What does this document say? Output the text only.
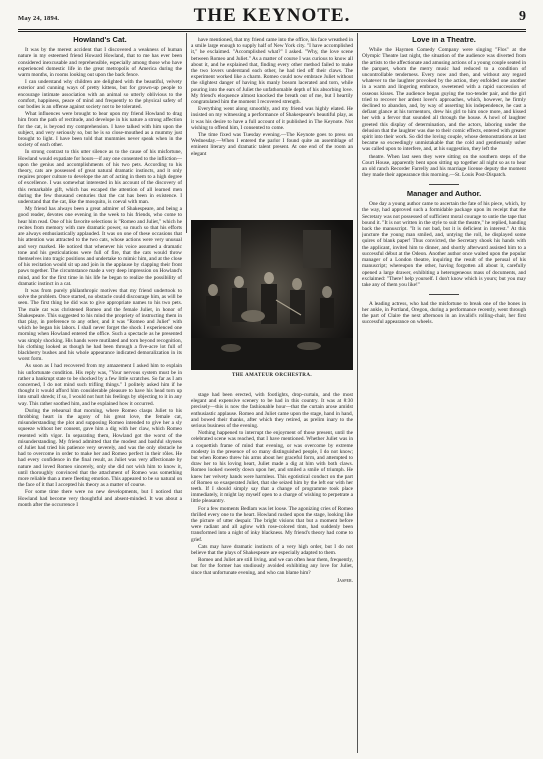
May 24, 1894.	THE KEYNOTE.	9
Howland's Cat.

It was by the merest accident that I discovered a weakness of human nature in my esteemed friend Howard Howland, that to me has ever been considered inexcusable and reprehensible, especially among those who have experienced domestic life in the great metropolis of America during the warm months, in rooms looking out upon the back fence.

I can understand why children are delighted with the beautiful, velvety exterior and cunning ways of pretty kittens, but for grown-up people to encourage intimate association with an animal so utterly oblivious to the comfort, happiness, peace of mind and frequently to the physical safety of our bodies is an offense against society not to be tolerated.

What influences were brought to bear upon my friend Howland to drag him from the path of rectitude, and develope in his nature a strong affection for the cat, is beyond my comprehension. I have talked with him upon the subject, and very seriously so, but he is so close-mouthed as a mummy just brought to light. I have been told that mummies never speak when in the society of each other.

In strong contrast to this utter silence as to the cause of his misfortune, Howland would expatiate for hours—if any one consented to the infliction—upon the genius and accomplishments of his two pets. According to his theory, cats are possessed of great natural dramatic instincts, and it only requires proper culture to develope the art of acting in them to a high degree of excellence. I was somewhat interested in his account of the discovery of this remarkable gift, which has escaped the attention of all learned men during the few thousand centuries that the cat has been in existence. I understand that the cat, like the mosquito, is coeval with man.

My friend has always been a great admirer of Shakespeare, and being a good reader, devotes one evening in the week to his friends, who come to hear him read. One of his favorite selections is "Romeo and Juliet," which he recites from memory with rare dramatic power, so much so that his efforts are always enthusiastically applauded. It was on one of these occasions that his attention was attracted to the two cats, whose actions were very unusual and very marked. He noticed that whenever his voice assumed a dramatic tone and his gesticulations were full of fire, that the cats would throw themselves into tragic positions and undertake to mimic him, and at the close of his recitation would sit up and join in the applause by clapping their front paws together. The circumstance made a very deep impression on Howland's mind, and for the first time in his life he began to realize the possibility of dramatic instinct in a cat.

It was from purely philanthropic motives that my friend undertook to solve the problem. Once started, no obstacle could discourage him, as will be seen. The first thing he did was to give appropriate names to his two pets. The male cat was christened Romeo and the female Juliet, in honor of Shakespeare. This suggested to his mind the propriety of instructing them in that play, in preference to any other, and it was "Romeo and Juliet" with which he began his labors. I shall never forget the shock I experienced one morning when Howland entered the office. Such a spectacle as he presented was simply shocking. His hands were mutilated and torn beyond recognition, his clothing looked as though he had been through a five-acre lot full of blackberry bushes and his whole appearance indicated demoralization in its worst form.

As soon as I had recovered from my amazement I asked him to explain his unfortunate condition. His reply was, "Your nervous system must be in rather a bankrupt state to be shocked by a few little scratches. So far as I am concerned, I do not mind such trifling things." I politely asked him if he thought it would afford him considerable pleasure to have his head torn up into small shreds; if so, I would not hurt his feelings by objecting to it in any way. This rather soothed him, and he explained how it occurred.

During the rehearsal that morning, where Romeo clasps Juliet to his throbbing heart in the agony of his great love, the female cat, misunderstanding the plot and supposing Romeo intended to give her a sly squeeze without her consent, gave him a dig with her claw, which Romeo resented with vigor. In separating them, Howland got the worst of the misunderstanding. My friend admitted that the modest and bashful shyness of Juliet had tried his patience very severely, and was the only obstacle he had to overcome in order to make her and Romeo perfect in their rôles. He had every confidence in the final result, as Juliet was very affectionate by nature and loved Romeo sincerely, only she did not wish him to know it, until thoroughly convinced that the attachment of Romeo was something more reliable than a mere fleeting emotion. This appeared to be so natural on the face of it that I accepted his theory as a matter of course.

For some time there were no new developments, but I noticed that Howland had become very thoughtful and absent-minded. It was about a month after the occurrence I

have mentioned, that my friend came into the office, his face wreathed in a smile large enough to supply half of New York city. "I have accomplished it," he exclaimed. "Accomplished what?" I asked. "Why, the love scene between Romeo and Juliet." As a matter of course I was curious to know all about it, and he explained that, finding every other method failed to make the two lovers understand each other, he had tied off their claws. The experiment worked like a charm. Romeo could now embrace Juliet without the slightest danger of having his manly bosom lacerated and torn, while pouring into the ears of Juliet the unfathomable depth of his absorbing love. My friend's eloquence almost knocked the breath out of me, but I heartily congratulated him the moment I recovered strength.

Everything went along smoothly, and my friend was highly elated. He insisted on my witnessing a performance of Shakespeare's beautiful play, as it was his desire to have a full account of it published in The Keynote. Not wishing to offend him, I consented to come.

The time fixed was Tuesday evening.—The Keynote goes to press on Wednesday.—When I entered the parlor I found quite an assemblage of eminent literary and dramatic talent present. At one end of the room an elegant

THE AMATEUR ORCHESTRA.

stage had been erected, with footlights, drop-curtain, and the most elegant and expensive scenery to be had in this country. It was at 8:30 precisely—this is now the fashionable hour—that the curtain arose amidst enthusiastic applause. Romeo and Juliet came upon the stage, hand in hand, and bowed their thanks, after which they retired, as prelim inary to the serious business of the evening.

Nothing happened to interrupt the enjoyment of those present, until the celebrated scene was reached, that I have mentioned. Whether Juliet was in a coquettish frame of mind that evening, or was overcome by extreme modesty in the presence of so many distinguished people, I do not know; but when Romeo threw his arms about her graceful form, and attempted to draw her to his loving heart, Juliet made a dig at him with both claws. Romeo looked sweetly down upon her, and smiled a smile of triumph. He knew her velvety hands were harmless. This egotistical conduct on the part of Romeo so exasperated Juliet, that she seized him by the left ear with her teeth. If I should simply say that a change of programme took place immediately, it might lay myself open to a charge of wishing to perpetrate a little pleasantry.

For a few moments Bedlam was let loose. The agonizing cries of Romeo thrilled every one to the heart. Howland rushed upon the stage, looking like the picture of utter despair. The bright visions that but a moment before were radiant and all aglow with rose-colored tints, had suddenly been transformed into a night of inky blackness. My friend's theory had come to grief.

Cats may have dramatic instincts of a very high order, but I do not believe that the plays of Shakespeare are especially adapted to them.

Romeo and Juliet are still living, and we can often hear them, frequently, but for the former has studiously avoided exhibiting any love for Juliet, since that unfortunate evening, and who can blame him?

Jasper.
Love in a Theatre.

While the Haymen Comedy Company were singing "Flos" at the Olympic Theatre last night, the situation of the audience was diverted from the artists to the affectionate and amusing actions of a young couple seated in the parquet, whom the merry music had reduced to a condition of uncontrollable tenderness. Every now and then, and without any regard whatever to the laughter provoked by the action, they enfolded one another in a warm and lingering embrace, sweetened with a rapid succession of osseous kisses. The audience began guying the too-tender pair, and the girl tried to recover her ardent lover's approaches, which, however, he firmly declined to abandon, and, by way of asserting his independence, he cast a defiant glance at his tormentors, drew his girl to him once more, and kissed her with a fervor that sounded all through the house. A howl of laughter greeted this display of determination, and the actors, laboring under the delusion that the laughter was due to their comic effects, entered with greater spirit into their work. So did the loving couple, whose demonstrations at last became so exceedingly unmistakable that the cold and gentlemanly usher was called upon to interfere, and, at his suggestion, they left the

theatre. When last seen they were sitting on the southern steps of the Court House, apparently bent upon sitting up together all night so as to hear an old ranch Recorder Farrelly and his marriage license deputy the moment they made their appearance this morning.—St. Louis Post-Dispatch.

Manager and Author.

One day a young author came to ascertain the fate of his piece, which, by the way, had approved such a formidable package upon its receipt that the Secretary was not possessed of sufficient moral courage to untie the tape that bound it. "It is not written in the style to suit the theatre," he replied, handing back the manuscript. "It is not bad, but it is deficient in interest." At this juncture the young man smiled, and, untying the roll, he displayed some quires of blank paper! Thus convicted, the Secretary shook his hands with the applicant, invited him to dinner, and shortly afterward assisted him to a successful début at the Odeon. Another author once waited upon the popular manager of a London theatre, inquiring the result of the perusal of his manuscript; whereupon the other, having forgotten all about it, carefully opened a large drawer, exhibiting a heterogeneous mass of documents, and exclaimed: "There! help yourself. I don't know which is yours; but you may take any of them you like!"

A leading actress, who had the misfortune to break one of the bones in her ankle, in Portland, Oregon, during a performance recently, went through the part of Claire the next afternoon in an invalid's rolling-chair, her first successful appearance on wheels.
